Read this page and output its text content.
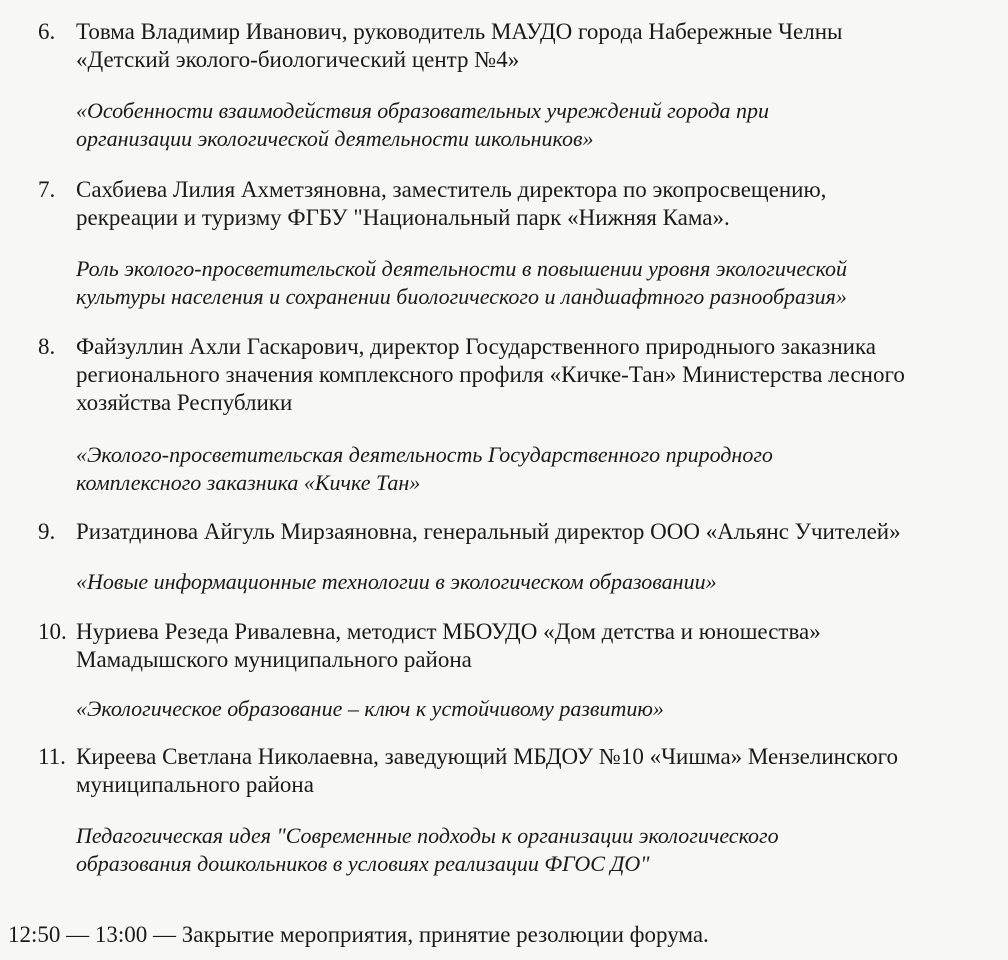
6. Товма Владимир Иванович, руководитель МАУДО города Набережные Челны
«Детский эколого-биологический центр №4»
«Особенности взаимодействия образовательных учреждений города при
организации экологической деятельности школьников»
7. Сахбиева Лилия Ахметзяновна, заместитель директора по экопросвещению,
рекреации и туризму ФГБУ "Национальный парк «Нижняя Кама».
Роль эколого-просветительской деятельности в повышении уровня экологической
культуры населения и сохранении биологического и ландшафтного разнообразия»
8. Файзуллин Ахли Гаскарович, директор Государственного природныого заказника
регионального значения комплексного профиля «Кичке-Тан» Министерства лесного
хозяйства Республики
«Эколого-просветительская деятельность Государственного природного
комплексного заказника «Кичке Тан»
9. Ризатдинова Айгуль Мирзаяновна, генеральный директор ООО «Альянс Учителей»
«Новые информационные технологии в экологическом образовании»
10. Нуриева Резеда Ривалевна, методист МБОУДО «Дом детства и юношества»
Мамадышского муниципального района
«Экологическое образование – ключ к устойчивому развитию»
11. Киреева Светлана Николаевна, заведующий МБДОУ №10 «Чишма» Мензелинского
муниципального района
Педагогическая идея "Современные подходы к организации экологического
образования дошкольников в условиях реализации ФГОС ДО"
12:50 — 13:00 — Закрытие мероприятия, принятие резолюции форума.
